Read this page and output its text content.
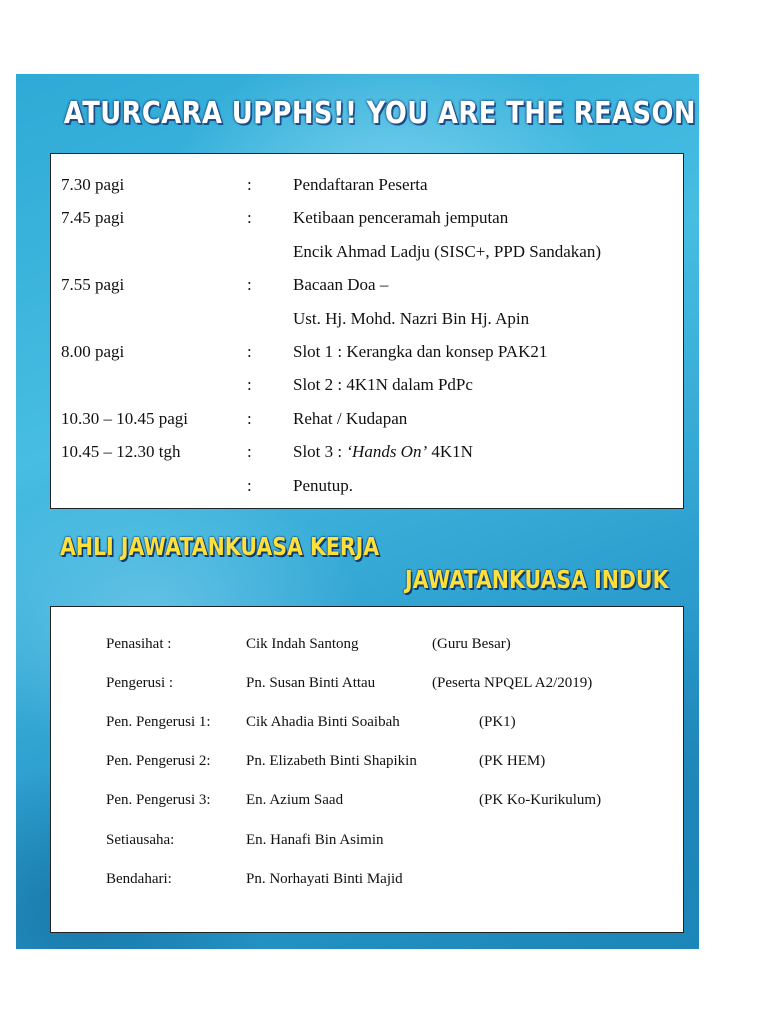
ATURCARA UPPHS!! YOU ARE THE REASON
7.30 pagi	: Pendaftaran Peserta
7.45 pagi	: Ketibaan penceramah jemputan
Encik Ahmad Ladju (SISC+, PPD Sandakan)
7.55 pagi	: Bacaan Doa –
Ust. Hj. Mohd. Nazri Bin Hj. Apin
8.00 pagi	: Slot 1 : Kerangka dan konsep PAK21
: Slot 2 : 4K1N dalam PdPc
10.30 – 10.45 pagi	: Rehat / Kudapan
10.45 – 12.30 tgh	: Slot 3 : ‘Hands On’ 4K1N
: Penutup.
AHLI JAWATANKUASA KERJA
JAWATANKUASA INDUK
Penasihat :	Cik Indah Santong	(Guru Besar)
Pengerusi :	Pn. Susan Binti Attau	(Peserta NPQEL A2/2019)
Pen. Pengerusi 1: Cik Ahadia Binti Soaibah	(PK1)
Pen. Pengerusi 2: Pn. Elizabeth Binti Shapikin	(PK HEM)
Pen. Pengerusi 3: En. Azium Saad	(PK Ko-Kurikulum)
Setiausaha:	En. Hanafi Bin Asimin
Bendahari:	Pn. Norhayati Binti Majid
